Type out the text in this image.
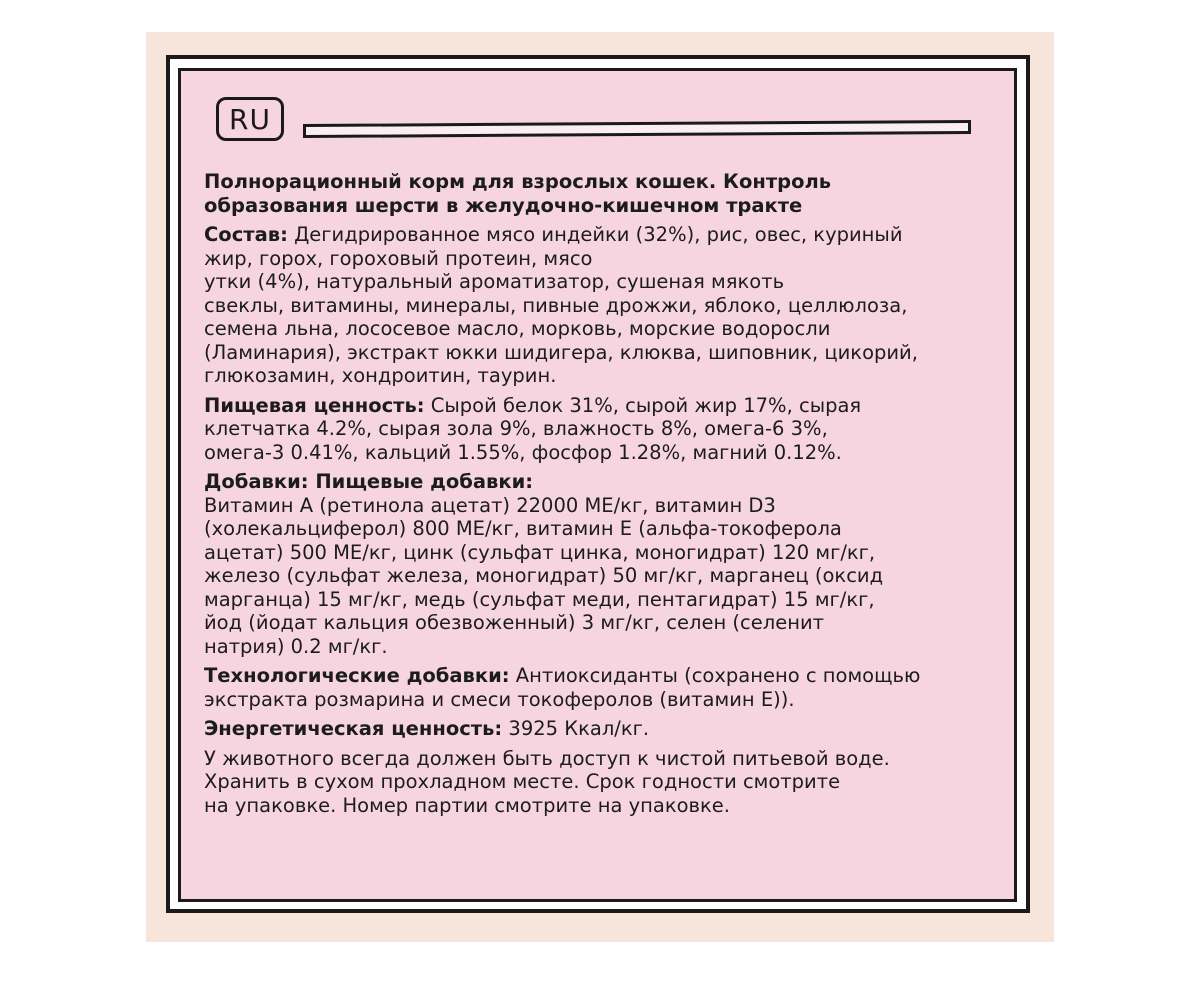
RU
Полнорационный корм для взрослых кошек. Контроль
образования шерсти в желудочно-кишечном тракте
Состав: Дегидрированное мясо индейки (32%), рис, овес, куриный
жир, горох, гороховый протеин, мясо
утки (4%), натуральный ароматизатор, сушеная мякоть
свеклы, витамины, минералы, пивные дрожжи, яблоко, целлюлоза,
семена льна, лососевое масло, морковь, морские водоросли
(Ламинария), экстракт юкки шидигера, клюква, шиповник, цикорий,
глюкозамин, хондроитин, таурин.
Пищевая ценность: Сырой белок 31%, сырой жир 17%, сырая
клетчатка 4.2%, сырая зола 9%, влажность 8%, омега-6 3%,
омега-3 0.41%, кальций 1.55%, фосфор 1.28%, магний 0.12%.
Добавки: Пищевые добавки:
Витамин А (ретинола ацетат) 22000 МЕ/кг, витамин D3
(холекальциферол) 800 МЕ/кг, витамин Е (альфа-токоферола
ацетат) 500 МЕ/кг, цинк (сульфат цинка, моногидрат) 120 мг/кг,
железо (сульфат железа, моногидрат) 50 мг/кг, марганец (оксид
марганца) 15 мг/кг, медь (сульфат меди, пентагидрат) 15 мг/кг,
йод (йодат кальция обезвоженный) 3 мг/кг, селен (селенит
натрия) 0.2 мг/кг.
Технологические добавки: Антиоксиданты (сохранено с помощью
экстракта розмарина и смеси токоферолов (витамин Е)).
Энергетическая ценность: 3925 Ккал/кг.
У животного всегда должен быть доступ к чистой питьевой воде.
Хранить в сухом прохладном месте. Срок годности смотрите
на упаковке. Номер партии смотрите на упаковке.
